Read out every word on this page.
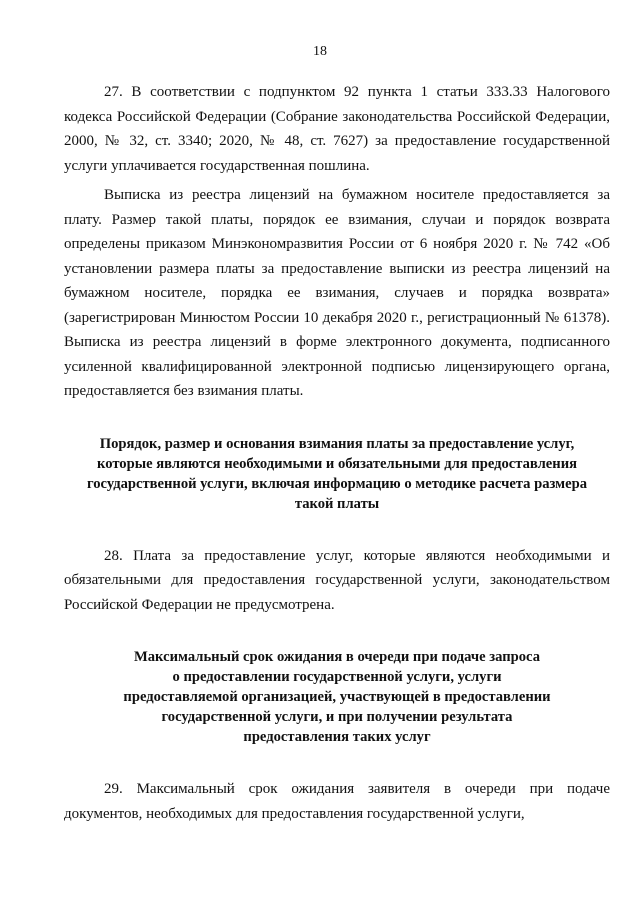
18

27. В соответствии с подпунктом 92 пункта 1 статьи 333.33 Налогового кодекса Российской Федерации (Собрание законодательства Российской Федерации, 2000, № 32, ст. 3340; 2020, № 48, ст. 7627) за предоставление государственной услуги уплачивается государственная пошлина.

Выписка из реестра лицензий на бумажном носителе предоставляется за плату. Размер такой платы, порядок ее взимания, случаи и порядок возврата определены приказом Минэкономразвития России от 6 ноября 2020 г. № 742 «Об установлении размера платы за предоставление выписки из реестра лицензий на бумажном носителе, порядка ее взимания, случаев и порядка возврата» (зарегистрирован Минюстом России 10 декабря 2020 г., регистрационный № 61378). Выписка из реестра лицензий в форме электронного документа, подписанного усиленной квалифицированной электронной подписью лицензирующего органа, предоставляется без взимания платы.

Порядок, размер и основания взимания платы за предоставление услуг,
которые являются необходимыми и обязательными для предоставления
государственной услуги, включая информацию о методике расчета размера
такой платы

28. Плата за предоставление услуг, которые являются необходимыми и обязательными для предоставления государственной услуги, законодательством Российской Федерации не предусмотрена.

Максимальный срок ожидания в очереди при подаче запроса
о предоставлении государственной услуги, услуги
предоставляемой организацией, участвующей в предоставлении
государственной услуги, и при получении результата
предоставления таких услуг

29. Максимальный срок ожидания заявителя в очереди при подаче документов, необходимых для предоставления государственной услуги,
